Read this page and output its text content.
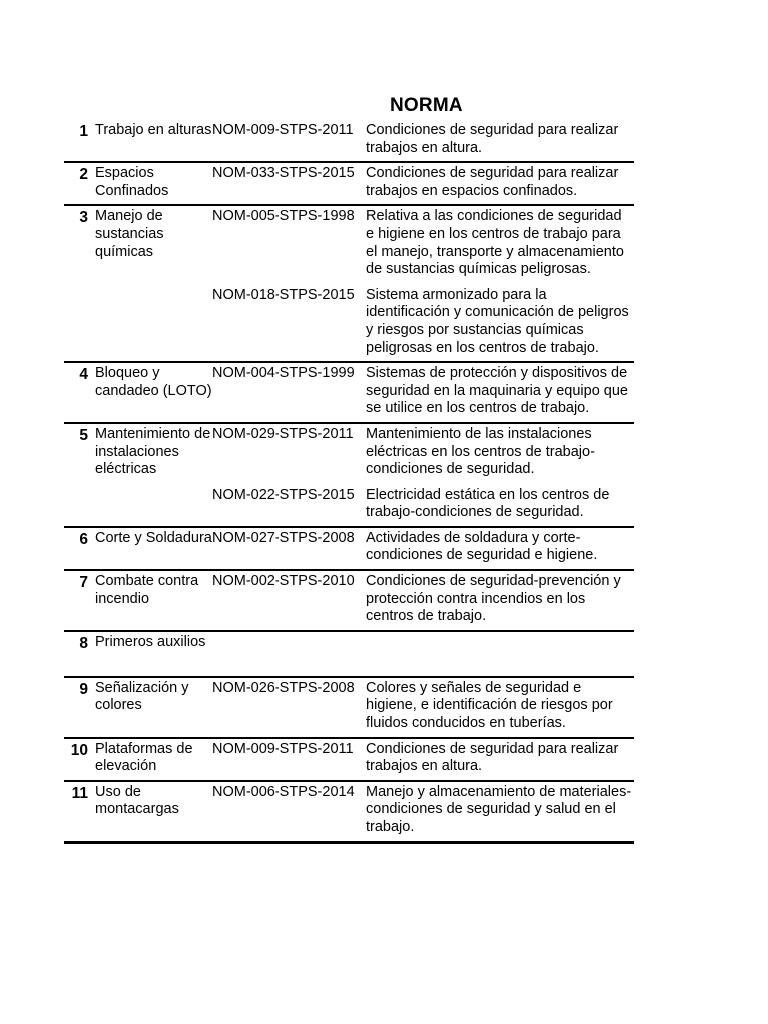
NORMA
1 Trabajo en alturas NOM-009-STPS-2011 Condiciones de seguridad para realizar trabajos en altura.
2 Espacios Confinados
NOM-033-STPS-2015 Condiciones de seguridad para realizar trabajos en espacios confinados.
3 Manejo de sustancias químicas
NOM-005-STPS-1998 Relativa a las condiciones de seguridad e higiene en los centros de trabajo para el manejo, transporte y almacenamiento de sustancias químicas peligrosas.
NOM-018-STPS-2015 Sistema armonizado para la identificación y comunicación de peligros y riesgos por sustancias químicas peligrosas en los centros de trabajo.
4 Bloqueo y candadeo (LOTO)
NOM-004-STPS-1999 Sistemas de protección y dispositivos de seguridad en la maquinaria y equipo que se utilice en los centros de trabajo.
5 Mantenimiento de instalaciones eléctricas
NOM-029-STPS-2011 Mantenimiento de las instalaciones eléctricas en los centros de trabajo-condiciones de seguridad.
NOM-022-STPS-2015 Electricidad estática en los centros de trabajo-condiciones de seguridad.
6 Corte y Soldadura NOM-027-STPS-2008 Actividades de soldadura y corte-condiciones de seguridad e higiene.
7 Combate contra incendio
NOM-002-STPS-2010 Condiciones de seguridad-prevención y protección contra incendios en los centros de trabajo.
8 Primeros auxilios
9 Señalización y colores
NOM-026-STPS-2008 Colores y señales de seguridad e higiene, e identificación de riesgos por fluidos conducidos en tuberías.
10 Plataformas de elevación
NOM-009-STPS-2011 Condiciones de seguridad para realizar trabajos en altura.
11 Uso de montacargas
NOM-006-STPS-2014 Manejo y almacenamiento de materiales-condiciones de seguridad y salud en el trabajo.
